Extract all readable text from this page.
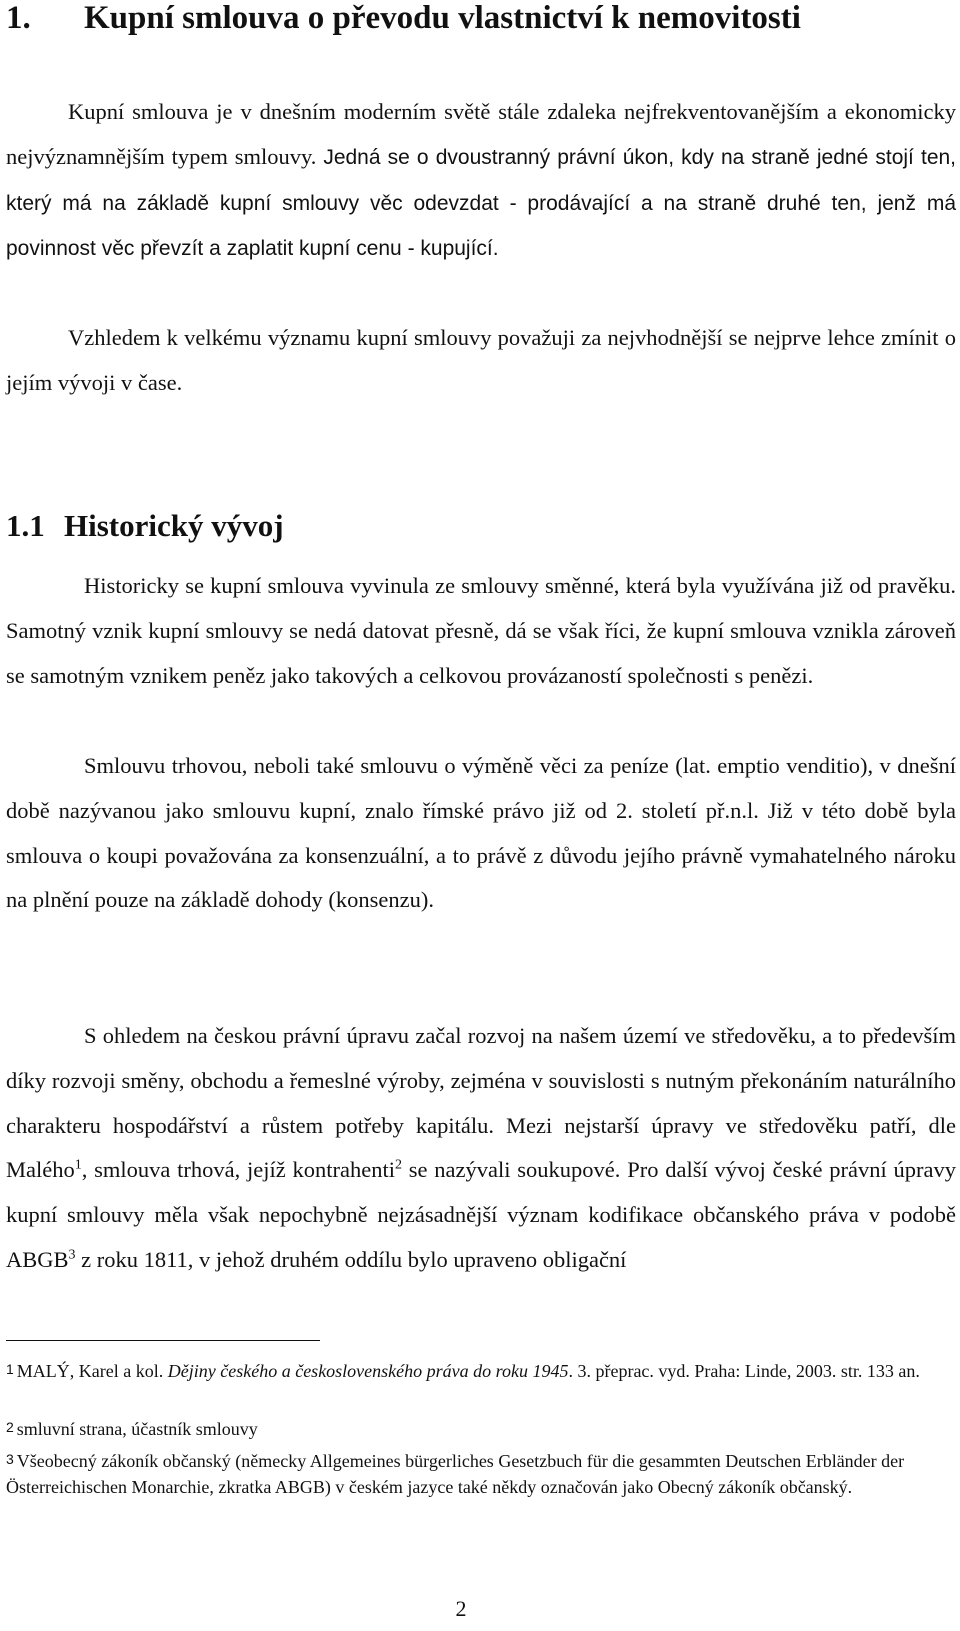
1. Kupní smlouva o převodu vlastnictví k nemovitosti

Kupní smlouva je v dnešním moderním světě stále zdaleka nejfrekventovanějším a ekonomicky nejvýznamnějším typem smlouvy. Jedná se o dvoustranný právní úkon, kdy na straně jedné stojí ten, který má na základě kupní smlouvy věc odevzdat - prodávající a na straně druhé ten, jenž má povinnost věc převzít a zaplatit kupní cenu - kupující.

Vzhledem k velkému významu kupní smlouvy považuji za nejvhodnější se nejprve lehce zmínit o jejím vývoji v čase.

1.1 Historický vývoj

Historicky se kupní smlouva vyvinula ze smlouvy směnné, která byla využívána již od pravěku. Samotný vznik kupní smlouvy se nedá datovat přesně, dá se však říci, že kupní smlouva vznikla zároveň se samotným vznikem peněz jako takových a celkovou provázaností společnosti s penězi.

Smlouvu trhovou, neboli také smlouvu o výměně věci za peníze (lat. emptio venditio), v dnešní době nazývanou jako smlouvu kupní, znalo římské právo již od 2. století př.n.l. Již v této době byla smlouva o koupi považována za konsenzuální, a to právě z důvodu jejího právně vymahatelného nároku na plnění pouze na základě dohody (konsenzu).

S ohledem na českou právní úpravu začal rozvoj na našem území ve středověku, a to především díky rozvoji směny, obchodu a řemeslné výroby, zejména v souvislosti s nutným překonáním naturálního charakteru hospodářství a růstem potřeby kapitálu. Mezi nejstarší úpravy ve středověku patří, dle Malého$^1$, smlouva trhová, jejíž kontrahenti$^2$ se nazývali soukupové. Pro další vývoj české právní úpravy kupní smlouvy měla však nepochybně nejzásadnější význam kodifikace občanského práva v podobě ABGB$^3$ z roku 1811, v jehož druhém oddílu bylo upraveno obligační

1 MALÝ, Karel a kol. Dějiny českého a československého práva do roku 1945. 3. přeprac. vyd. Praha: Linde, 2003. str. 133 an.

2 smluvní strana, účastník smlouvy

3 Všeobecný zákoník občanský (německy Allgemeines bürgerliches Gesetzbuch für die gesammten Deutschen Erbländer der Österreichischen Monarchie, zkratka ABGB) v českém jazyce také někdy označován jako Obecný zákoník občanský.

2
